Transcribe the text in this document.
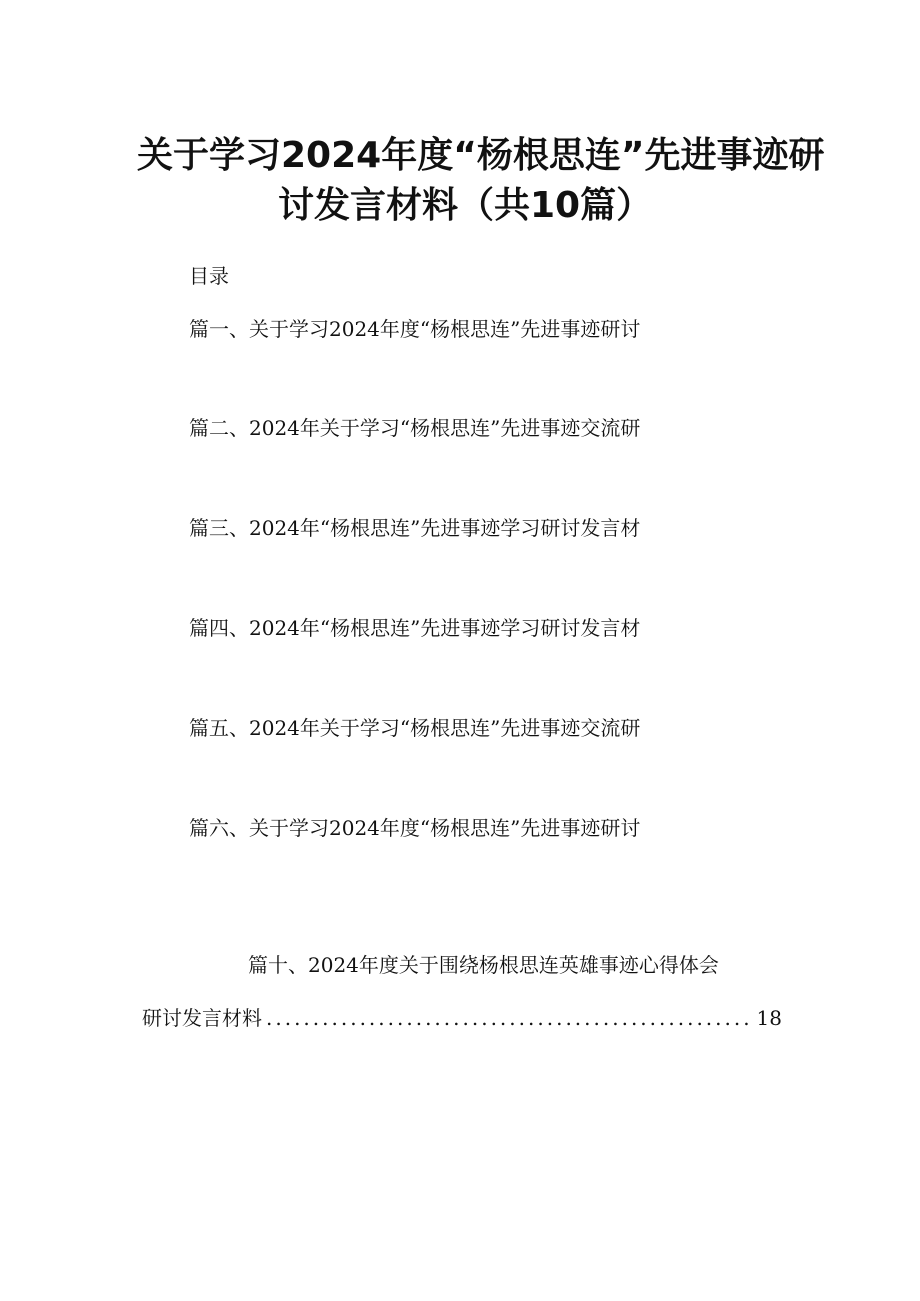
关于学习2024年度“杨根思连”先进事迹研
讨发言材料（共10篇）
目录
篇一、关于学习2024年度“杨根思连”先进事迹研讨
篇二、2024年关于学习“杨根思连”先进事迹交流研
篇三、2024年“杨根思连”先进事迹学习研讨发言材
篇四、2024年“杨根思连”先进事迹学习研讨发言材
篇五、2024年关于学习“杨根思连”先进事迹交流研
篇六、关于学习2024年度“杨根思连”先进事迹研讨
篇十、2024年度关于围绕杨根思连英雄事迹心得体会
研讨发言材料
.....	18
